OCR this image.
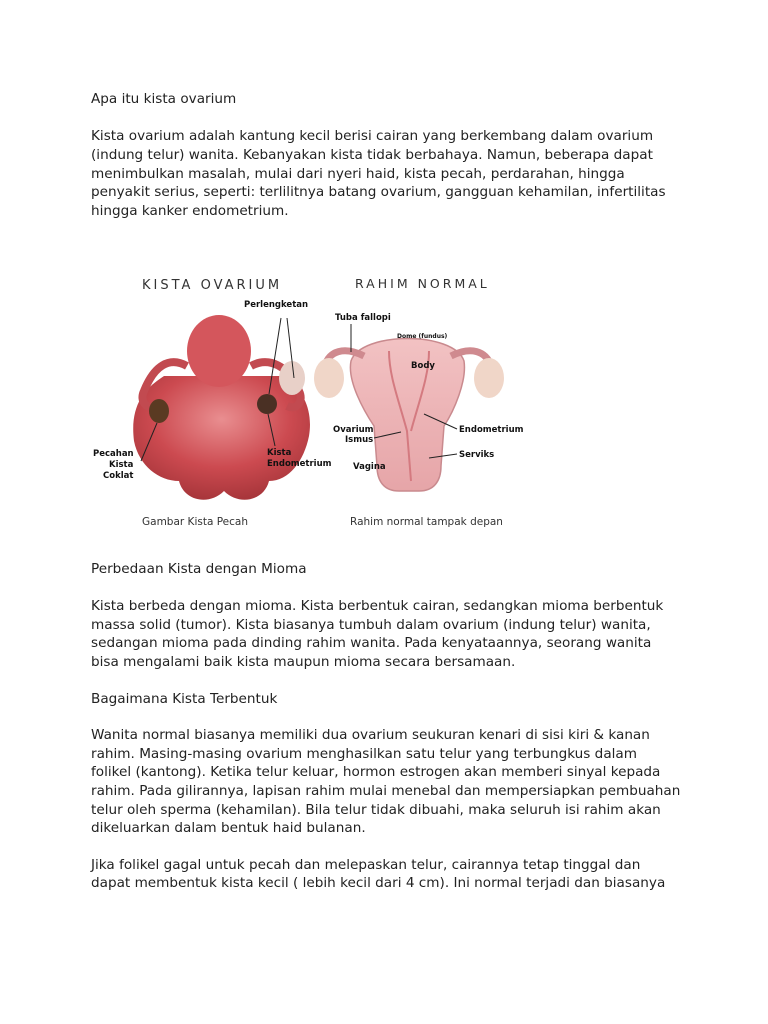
Apa itu kista ovarium
Kista ovarium adalah kantung kecil berisi cairan yang berkembang dalam ovarium
(indung telur) wanita. Kebanyakan kista tidak berbahaya. Namun, beberapa dapat
menimbulkan masalah, mulai dari nyeri haid, kista pecah, perdarahan, hingga
penyakit serius, seperti: terlilitnya batang ovarium, gangguan kehamilan, infertilitas
hingga kanker endometrium.
KISTA OVARIUM
Perlengketan
Pecahan
Kista
Coklat
Kista
Endometrium
Gambar Kista Pecah
RAHIM NORMAL
Tuba fallopi
Dome (fundus)
Body
Ovarium
Ismus
Vagina
Endometrium
Serviks
Rahim normal tampak depan
Perbedaan Kista dengan Mioma
Kista berbeda dengan mioma. Kista berbentuk cairan, sedangkan mioma berbentuk
massa solid (tumor). Kista biasanya tumbuh dalam ovarium (indung telur) wanita,
sedangan mioma pada dinding rahim wanita. Pada kenyataannya, seorang wanita
bisa mengalami baik kista maupun mioma secara bersamaan.
Bagaimana Kista Terbentuk
Wanita normal biasanya memiliki dua ovarium seukuran kenari di sisi kiri & kanan
rahim. Masing-masing ovarium menghasilkan satu telur yang terbungkus dalam
folikel (kantong). Ketika telur keluar, hormon estrogen akan memberi sinyal kepada
rahim. Pada gilirannya, lapisan rahim mulai menebal dan mempersiapkan pembuahan
telur oleh sperma (kehamilan). Bila telur tidak dibuahi, maka seluruh isi rahim akan
dikeluarkan dalam bentuk haid bulanan.
Jika folikel gagal untuk pecah dan melepaskan telur, cairannya tetap tinggal dan
dapat membentuk kista kecil ( lebih kecil dari 4 cm). Ini normal terjadi dan biasanya
